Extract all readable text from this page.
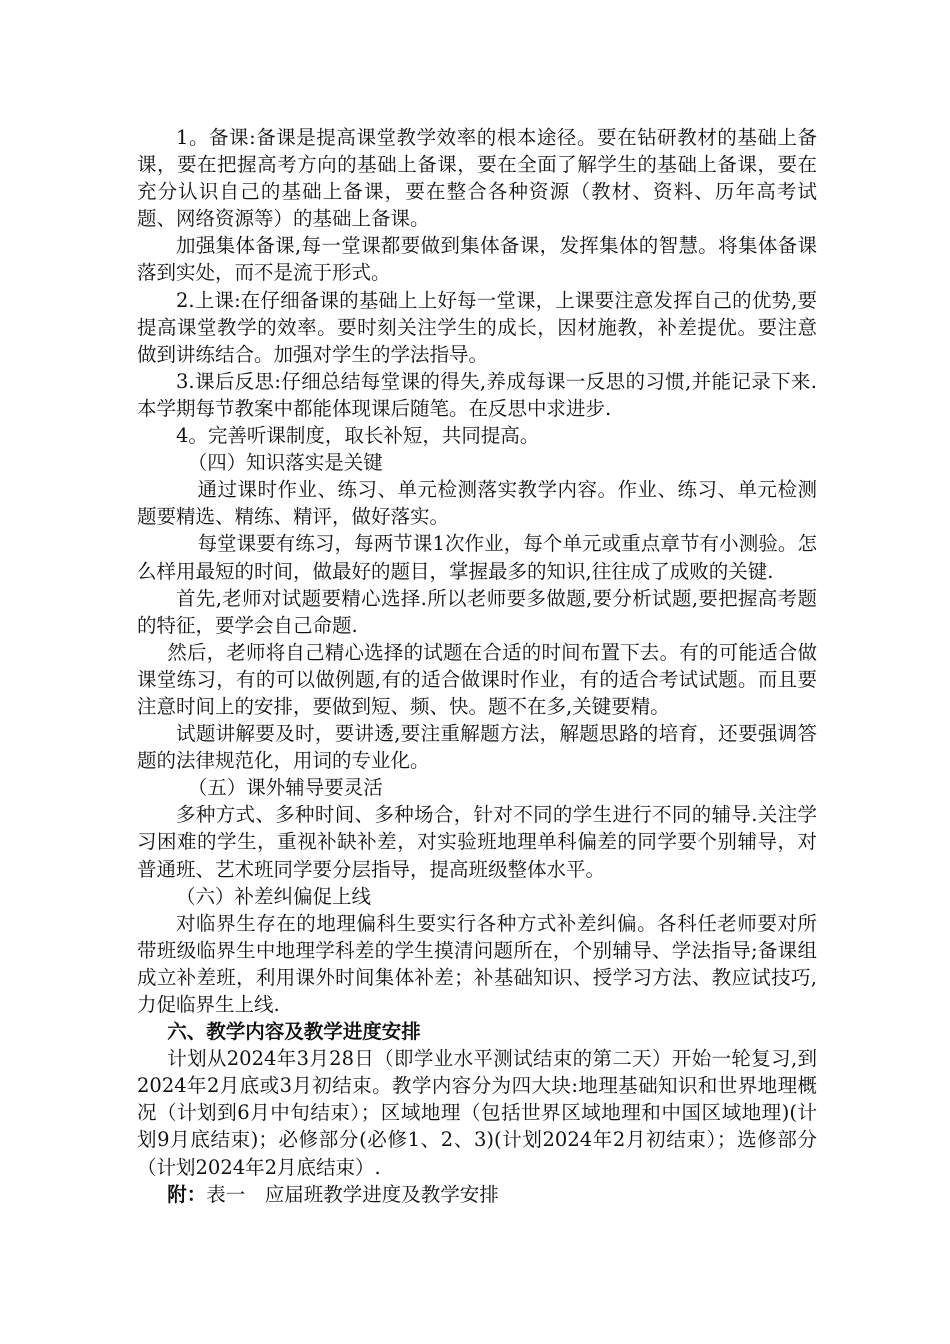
1。备课:备课是提高课堂教学效率的根本途径。要在钻研教材的基础上备课，要在把握高考方向的基础上备课，要在全面了解学生的基础上备课，要在充分认识自己的基础上备课，要在整合各种资源（教材、资料、历年高考试题、网络资源等）的基础上备课。

加强集体备课,每一堂课都要做到集体备课，发挥集体的智慧。将集体备课落到实处，而不是流于形式。

2.上课:在仔细备课的基础上上好每一堂课，上课要注意发挥自己的优势,要提高课堂教学的效率。要时刻关注学生的成长，因材施教，补差提优。要注意做到讲练结合。加强对学生的学法指导。

3.课后反思:仔细总结每堂课的得失,养成每课一反思的习惯,并能记录下来.本学期每节教案中都能体现课后随笔。在反思中求进步.

4。完善听课制度，取长补短，共同提高。

（四）知识落实是关键

通过课时作业、练习、单元检测落实教学内容。作业、练习、单元检测题要精选、精练、精评，做好落实。

每堂课要有练习，每两节课1次作业，每个单元或重点章节有小测验。怎么样用最短的时间，做最好的题目，掌握最多的知识,往往成了成败的关键.

首先,老师对试题要精心选择.所以老师要多做题,要分析试题,要把握高考题的特征，要学会自己命题.

然后，老师将自己精心选择的试题在合适的时间布置下去。有的可能适合做课堂练习，有的可以做例题,有的适合做课时作业，有的适合考试试题。而且要注意时间上的安排，要做到短、频、快。题不在多,关键要精。

试题讲解要及时，要讲透,要注重解题方法，解题思路的培育，还要强调答题的法律规范化，用词的专业化。

（五）课外辅导要灵活

多种方式、多种时间、多种场合，针对不同的学生进行不同的辅导.关注学习困难的学生，重视补缺补差，对实验班地理单科偏差的同学要个别辅导，对普通班、艺术班同学要分层指导，提高班级整体水平。

（六）补差纠偏促上线

对临界生存在的地理偏科生要实行各种方式补差纠偏。各科任老师要对所带班级临界生中地理学科差的学生摸清问题所在，个别辅导、学法指导;备课组成立补差班，利用课外时间集体补差；补基础知识、授学习方法、教应试技巧,力促临界生上线.

六、教学内容及教学进度安排

计划从2024年3月28日（即学业水平测试结束的第二天）开始一轮复习,到2024年2月底或3月初结束。教学内容分为四大块:地理基础知识和世界地理概况（计划到6月中旬结束）；区域地理（包括世界区域地理和中国区域地理)(计划9月底结束)；必修部分(必修1、2、3)(计划2024年2月初结束）；选修部分（计划2024年2月底结束）.

附：表一　应届班教学进度及教学安排
